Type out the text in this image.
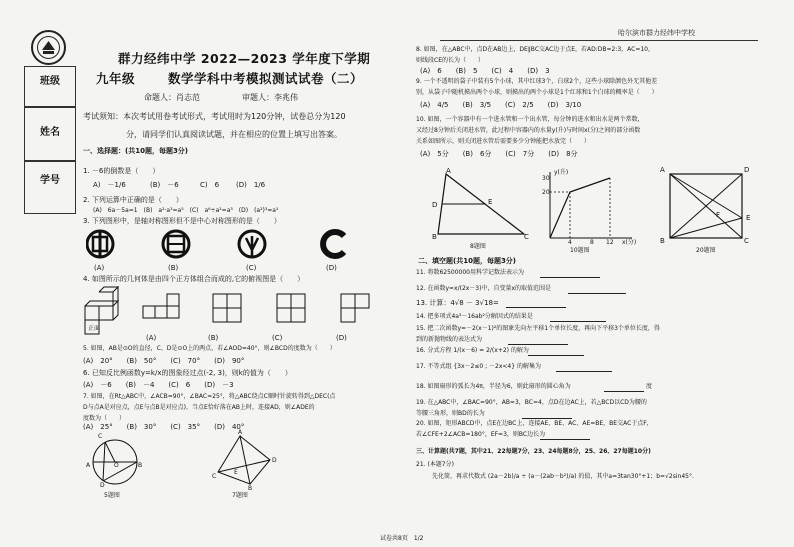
哈尔滨市群力经纬中学校
群力经纬中学 2022—2023 学年度下学期
九年级	数学学科中考模拟测试试卷（二）
命题人：肖志范	审题人：李兆伟
班级
姓名
学号
考试须知：本次考试用卷考试形式，考试用时为120分钟，试卷总分为120
分，请同学们认真阅读试题，并在相应的位置上填写出答案。
一、选择题：(共10题，每题3分)
1. －6的倒数是（　　）
A)　－1/6	(B)　－6	C)　6 (D)　1/6
2. 下列运算中正确的是（　　）
(A)　6a－5a=1　(B)　a²·a³=a⁵　(C)　a⁶÷a²=a³　(D)　(a²)³=a⁵
3. 下列图形中，是轴对称图形但不是中心对称图形的是（　　）
(A)	(B)	(C)	(D)
4. 如图所示的几何体是由四个正方体组合而成的,它的俯视图是（　　）
正面
(A)	(B)	(C)	(D)
5. 如图，AB是⊙O的直径，C、D是⊙O上的两点，若∠AOD=40°，则∠BCD的度数为（　　）
(A)　20°　　(B)　50°　　(C)　70°　　(D)　90°
6. 已知反比例函数y=k/x的图象经过点(-2, 3)，则k的值为（　　）
(A)　－6　　(B)　－4　　(C)　6　　(D)　－3
7. 如图，在Rt△ABC中，∠ACB=90°，∠BAC=25°，将△ABC绕点C顺时针旋转得到△DEC(点
D与点A是对应点，点E与点B是对应点)，当点E恰好落在AB上时，连接AD，则∠ADE的
度数为（　　）
(A)　25°　　(B)　30°　　(C)　35°　　(D)　40°
C
A	O	B
D
5题图
A
D
C
E
B
7题图
8. 如图，在△ABC中，点D在AB边上，DE∥BC交AC边于点E，若AD:DB=2:3，AC=10，
则线段CE的长为（　　）
(A)　6　　(B)　5　　(C)　4　　(D)　3
9. 一个不透明的袋子中装有5个小球，其中红球3个，白球2个，这些小球除颜色外无其他差
别，从袋子中随机摸出两个小球，则摸出的两个小球是1个红球和1个白球的概率是（　　）
(A)　4/5　　(B)　3/5　　(C)　2/5　　(D)　3/10
10. 如图，一个容器中有一个进水管和一个出水管，每分钟的进水和出水是两个常数，
又经过8分钟后关闭进水管，此过程中容器内的水量y(升)与时间x(分)之间的部分函数
关系如图所示，则关闭进水管后需要多少分钟能把水放完（　　）
(A)　5分　　(B)　6分　　(C)　7分　　(D)　8分
A
D	E
B	C
8题图
y(升)
30
20
4	8 12 x(分)
10题图
A	D
E
F
B	C
20题图
二、填空题(共10题，每题3分)
11. 将数62500000用科学记数法表示为
12. 在函数y=x/(2x－3)中，自变量x的取值范围是
13. 计算：4√8 － 3√18=
14. 把多项式4a³－16ab²分解因式的结果是
15. 把二次函数y=－2(x－1)²的图象先向左平移1个单位长度，再向下平移3个单位长度，得
到的新抛物线的表达式为
16. 分式方程 1/(x－6) = 2/(x+2) 的解为
17. 不等式组 {3x－2≤0 ; －2x<4} 的解集为
18. 如图扇形的弧长为4π，半径为6，则此扇形的圆心角为	度
19. 在△ABC中，∠BAC=90°，AB=3，BC=4，点D在边AC上，若△BCD以CD为腰的
等腰三角形，则BD的长为
20. 如图，矩形ABCD中，点E在边BC上，连接AE、BE、AC、AE=BE，BE交AC于点F，
若∠CFE+2∠ACB=180°，EF=3，则BC边长为
三、计算题(共7题，其中21、22每题7分，23、24每题8分，25、26、27每题10分)
21. (本题7分)
先化简，再求代数式 (2a－2b)/a ÷ (a－(2ab－b²)/a) 的值，其中a=3tan30°+1；b=√2sin45°.
试卷共8页　1/2
